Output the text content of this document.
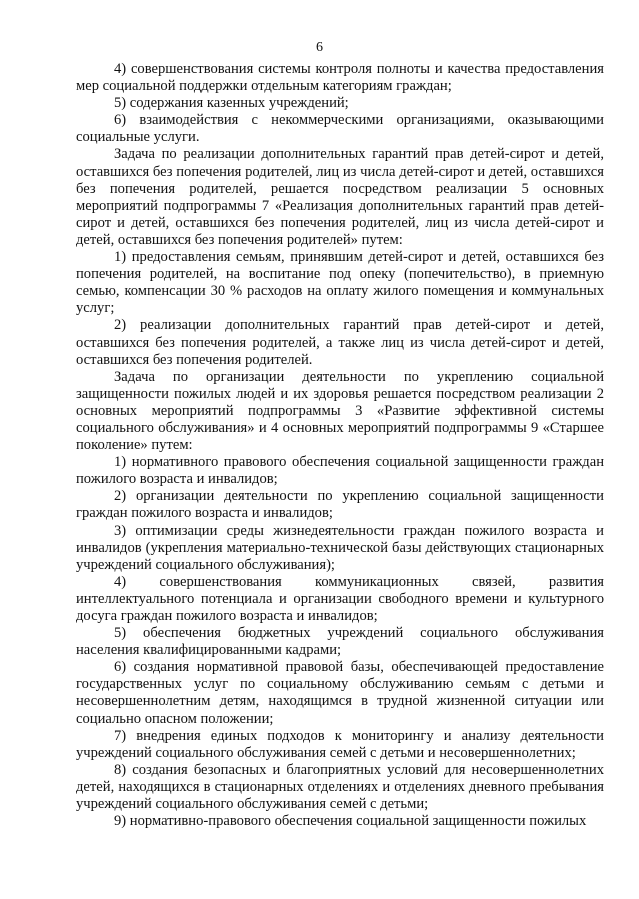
6

4) совершенствования системы контроля полноты и качества предоставления мер социальной поддержки отдельным категориям граждан;

5) содержания казенных учреждений;

6) взаимодействия с некоммерческими организациями, оказывающими социальные услуги.

Задача по реализации дополнительных гарантий прав детей-сирот и детей, оставшихся без попечения родителей, лиц из числа детей-сирот и детей, оставшихся без попечения родителей, решается посредством реализации 5 основных мероприятий подпрограммы 7 «Реализация дополнительных гарантий прав детей-сирот и детей, оставшихся без попечения родителей, лиц из числа детей-сирот и детей, оставшихся без попечения родителей» путем:

1) предоставления семьям, принявшим детей-сирот и детей, оставшихся без попечения родителей, на воспитание под опеку (попечительство), в приемную семью, компенсации 30 % расходов на оплату жилого помещения и коммунальных услуг;

2) реализации дополнительных гарантий прав детей-сирот и детей, оставшихся без попечения родителей, а также лиц из числа детей-сирот и детей, оставшихся без попечения родителей.

Задача по организации деятельности по укреплению социальной защищенности пожилых людей и их здоровья решается посредством реализации 2 основных мероприятий подпрограммы 3 «Развитие эффективной системы социального обслуживания» и 4 основных мероприятий подпрограммы 9 «Старшее поколение» путем:

1) нормативного правового обеспечения социальной защищенности граждан пожилого возраста и инвалидов;

2) организации деятельности по укреплению социальной защищенности граждан пожилого возраста и инвалидов;

3) оптимизации среды жизнедеятельности граждан пожилого возраста и инвалидов (укрепления материально-технической базы действующих стационарных учреждений социального обслуживания);

4) совершенствования коммуникационных связей, развития интеллектуального потенциала и организации свободного времени и культурного досуга граждан пожилого возраста и инвалидов;

5) обеспечения бюджетных учреждений социального обслуживания населения квалифицированными кадрами;

6) создания нормативной правовой базы, обеспечивающей предоставление государственных услуг по социальному обслуживанию семьям с детьми и несовершеннолетним детям, находящимся в трудной жизненной ситуации или социально опасном положении;

7) внедрения единых подходов к мониторингу и анализу деятельности учреждений социального обслуживания семей с детьми и несовершеннолетних;

8) создания безопасных и благоприятных условий для несовершеннолетних детей, находящихся в стационарных отделениях и отделениях дневного пребывания учреждений социального обслуживания семей с детьми;

9) нормативно-правового обеспечения социальной защищенности пожилых
